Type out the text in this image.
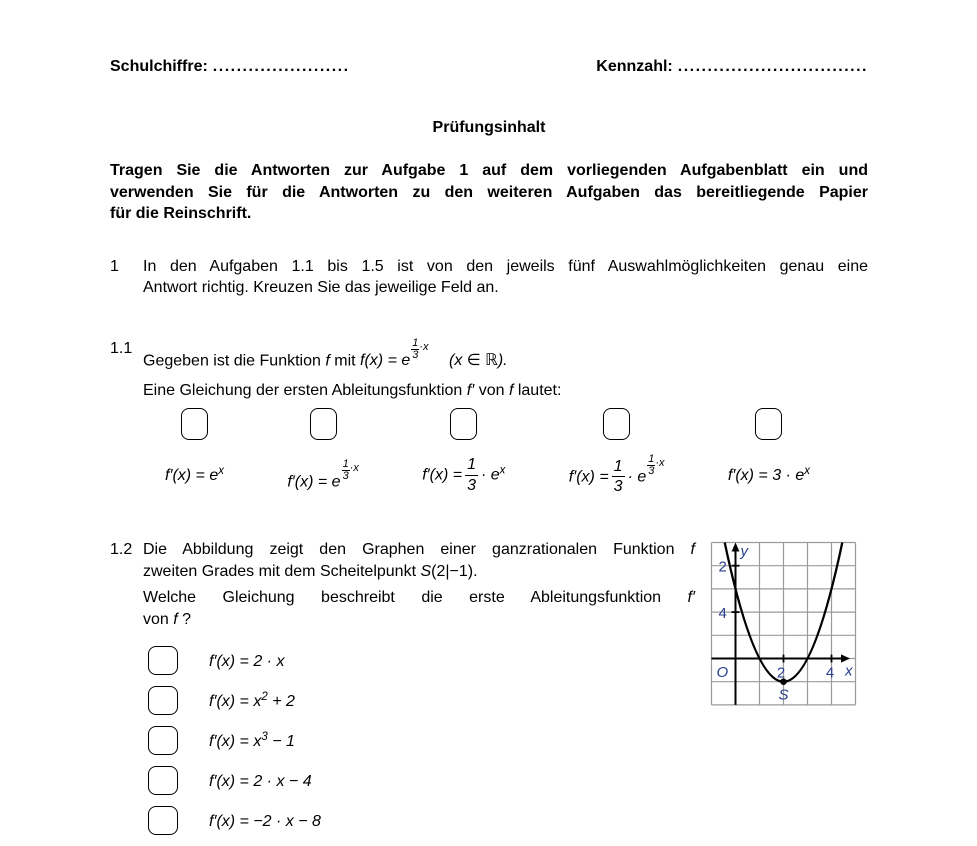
Schulchiffre: .......................	Kennzahl: ................................
Prüfungsinhalt
Tragen Sie die Antworten zur Aufgabe 1 auf dem vorliegenden Aufgabenblatt ein und
verwenden Sie für die Antworten zu den weiteren Aufgaben das bereitliegende Papier
für die Reinschrift.
1	In den Aufgaben 1.1 bis 1.5 ist von den jeweils fünf Auswahlmöglichkeiten genau eine
Antwort richtig. Kreuzen Sie das jeweilige Feld an.
1.1
Gegeben ist die Funktion f mit f(x) = e $\frac{1}{3} \cdot x$ (x ∈ ℝ).
Eine Gleichung der ersten Ableitungsfunktion f′ von f lautet:
$f'(x) = e^x$
f′(x) = e $\frac{1}{3} \cdot x$	$f'(x) = \frac{1}{3} \cdot e^x$	$f'(x) = \frac{1}{3} \cdot e \frac{1}{3} \cdot x$
$f'(x) = 3 \cdot e^x$
1.2 Die Abbildung zeigt den Graphen einer ganzrationalen Funktion f
zweiten Grades mit dem Scheitelpunkt S(2|−1).
Welche Gleichung beschreibt die erste Ableitungsfunktion f′
von f ?
f′(x) = 2 · x
$f'(x) = x^2 + 2$
$f'(x) = x^3 - 1$
f′(x) = 2 · x − 4
f′(x) = −2 · x − 8
y
2
4
O	2	4 x
S
